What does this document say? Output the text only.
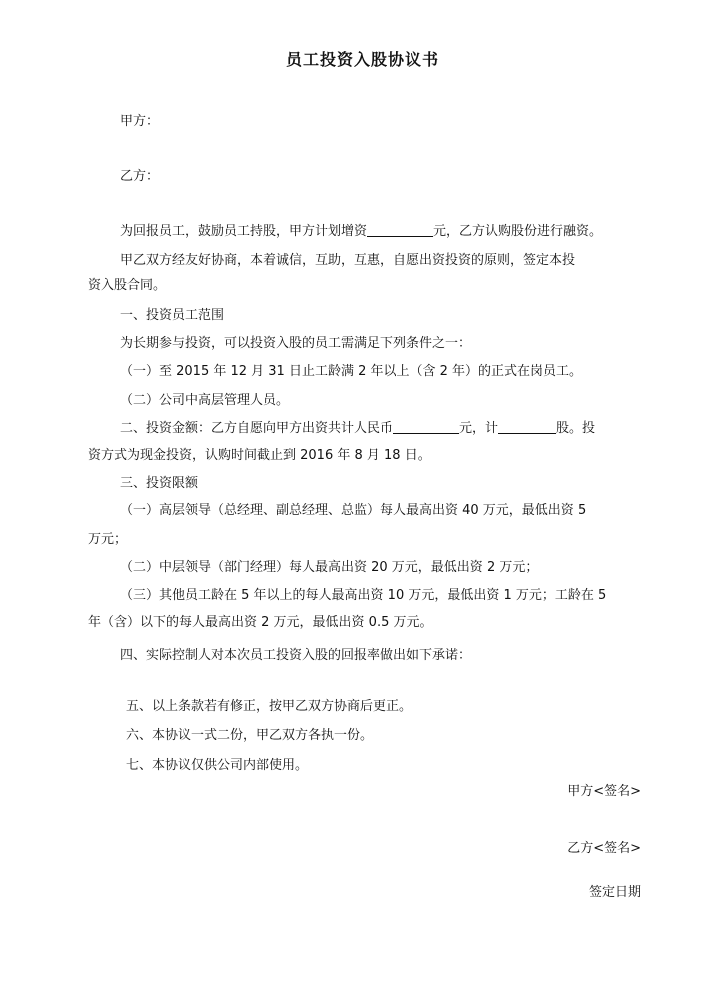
员工投资入股协议书
甲方：
乙方：
为回报员工，鼓励员工持股，甲方计划增资	元，乙方认购股份进行融资。
甲乙双方经友好协商，本着诚信，互助，互惠，自愿出资投资的原则，签定本投
资入股合同。
一、投资员工范围
为长期参与投资，可以投资入股的员工需满足下列条件之一：
（一）至 2015 年 12 月 31 日止工龄满 2 年以上（含 2 年）的正式在岗员工。
（二）公司中高层管理人员。
二、投资金额：乙方自愿向甲方出资共计人民币	元，计	股。投
资方式为现金投资，认购时间截止到 2016 年 8 月 18 日。
三、投资限额
（一）高层领导（总经理、副总经理、总监）每人最高出资 40 万元，最低出资 5
万元；
（二）中层领导（部门经理）每人最高出资 20 万元，最低出资 2 万元；
（三）其他员工龄在 5 年以上的每人最高出资 10 万元，最低出资 1 万元；工龄在 5
年（含）以下的每人最高出资 2 万元，最低出资 0.5 万元。
四、实际控制人对本次员工投资入股的回报率做出如下承诺：
五、以上条款若有修正，按甲乙双方协商后更正。
六、本协议一式二份，甲乙双方各执一份。
七、本协议仅供公司内部使用。
甲方<签名>
乙方<签名>
签定日期
